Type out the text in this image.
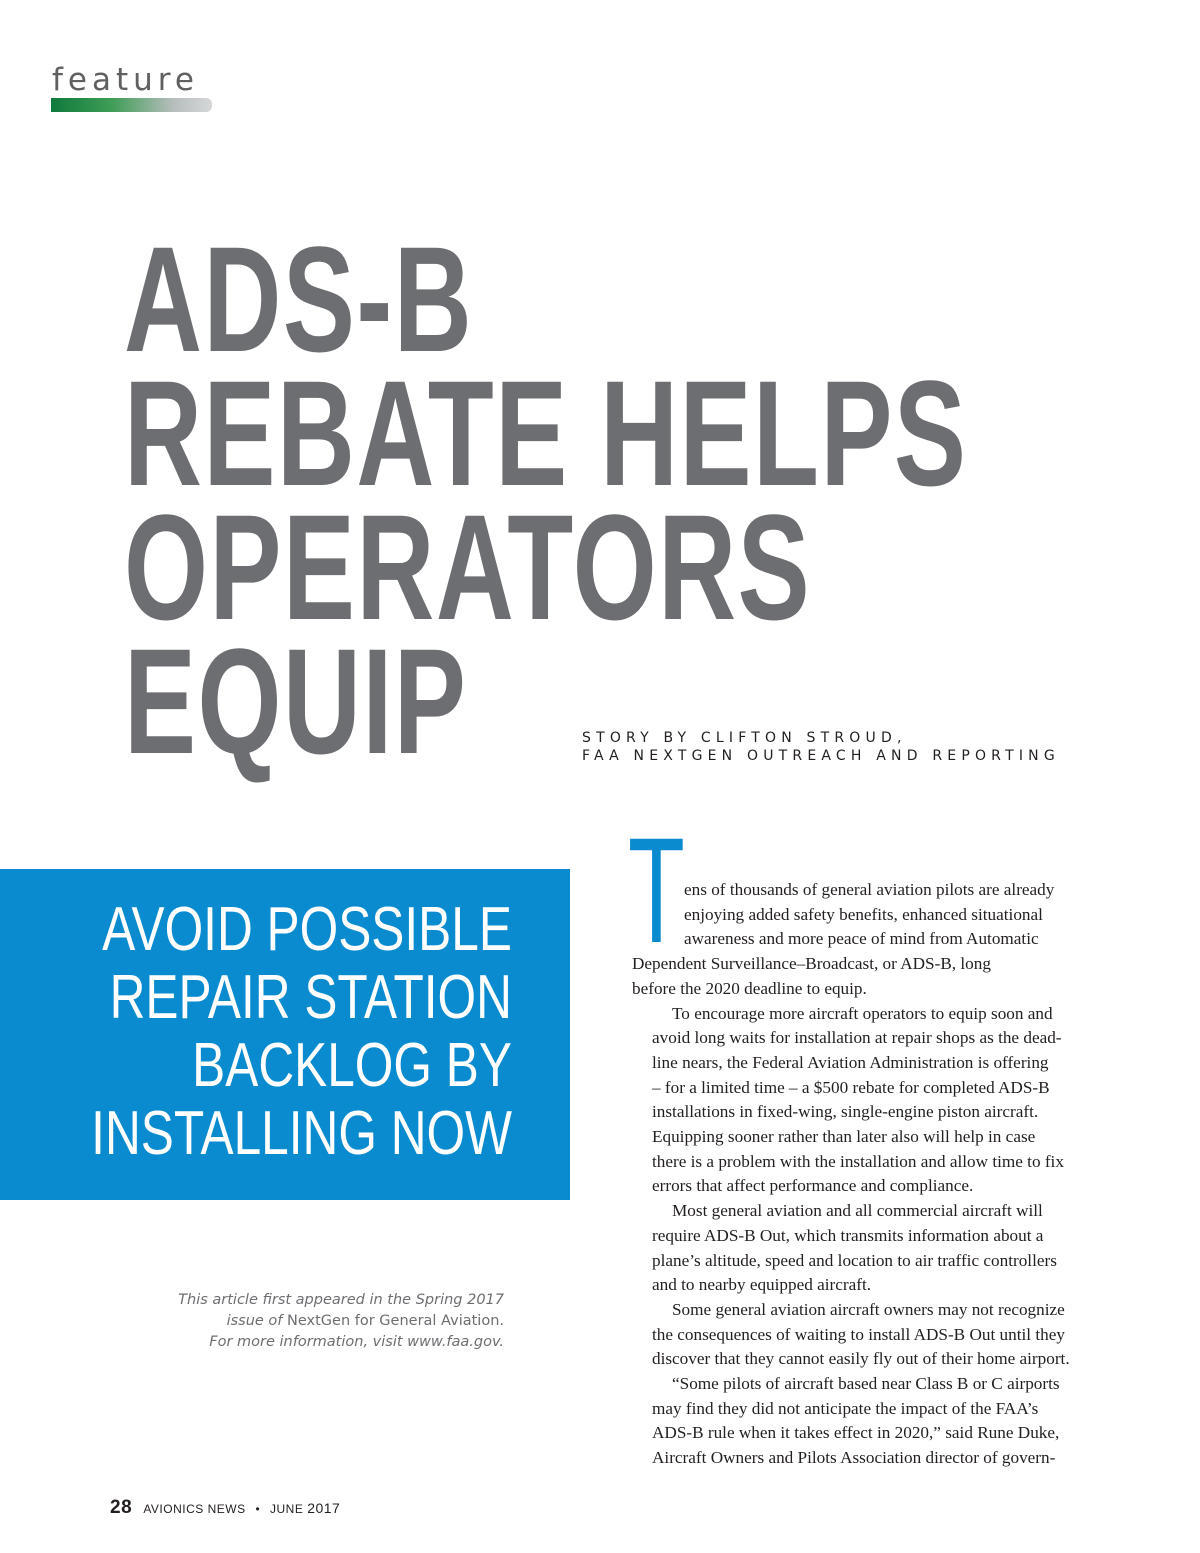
feature
ADS-B
REBATE HELPS
OPERATORS
EQUIP	STORY BY CLIFTON STROUD,
FAA NEXTGEN OUTREACH AND REPORTING
AVOID POSSIBLE
REPAIR STATION
BACKLOG BY
INSTALLING NOW
This article first appeared in the Spring 2017
issue of NextGen for General Aviation.
For more information, visit www.faa.gov.

T ens of thousands of general aviation pilots are already
enjoying added safety benefits, enhanced situational
awareness and more peace of mind from Automatic
Dependent Surveillance–Broadcast, or ADS-B, long
before the 2020 deadline to equip.

To encourage more aircraft operators to equip soon and
avoid long waits for installation at repair shops as the dead-
line nears, the Federal Aviation Administration is offering
– for a limited time – a $500 rebate for completed ADS-B
installations in fixed-wing, single-engine piston aircraft.
Equipping sooner rather than later also will help in case
there is a problem with the installation and allow time to fix
errors that affect performance and compliance.

Most general aviation and all commercial aircraft will
require ADS-B Out, which transmits information about a
plane’s altitude, speed and location to air traffic controllers
and to nearby equipped aircraft.

Some general aviation aircraft owners may not recognize
the consequences of waiting to install ADS-B Out until they
discover that they cannot easily fly out of their home airport.

“Some pilots of aircraft based near Class B or C airports
may find they did not anticipate the impact of the FAA’s
ADS-B rule when it takes effect in 2020,” said Rune Duke,
Aircraft Owners and Pilots Association director of govern-

28 AVIONICS NEWS • JUNE 2017
